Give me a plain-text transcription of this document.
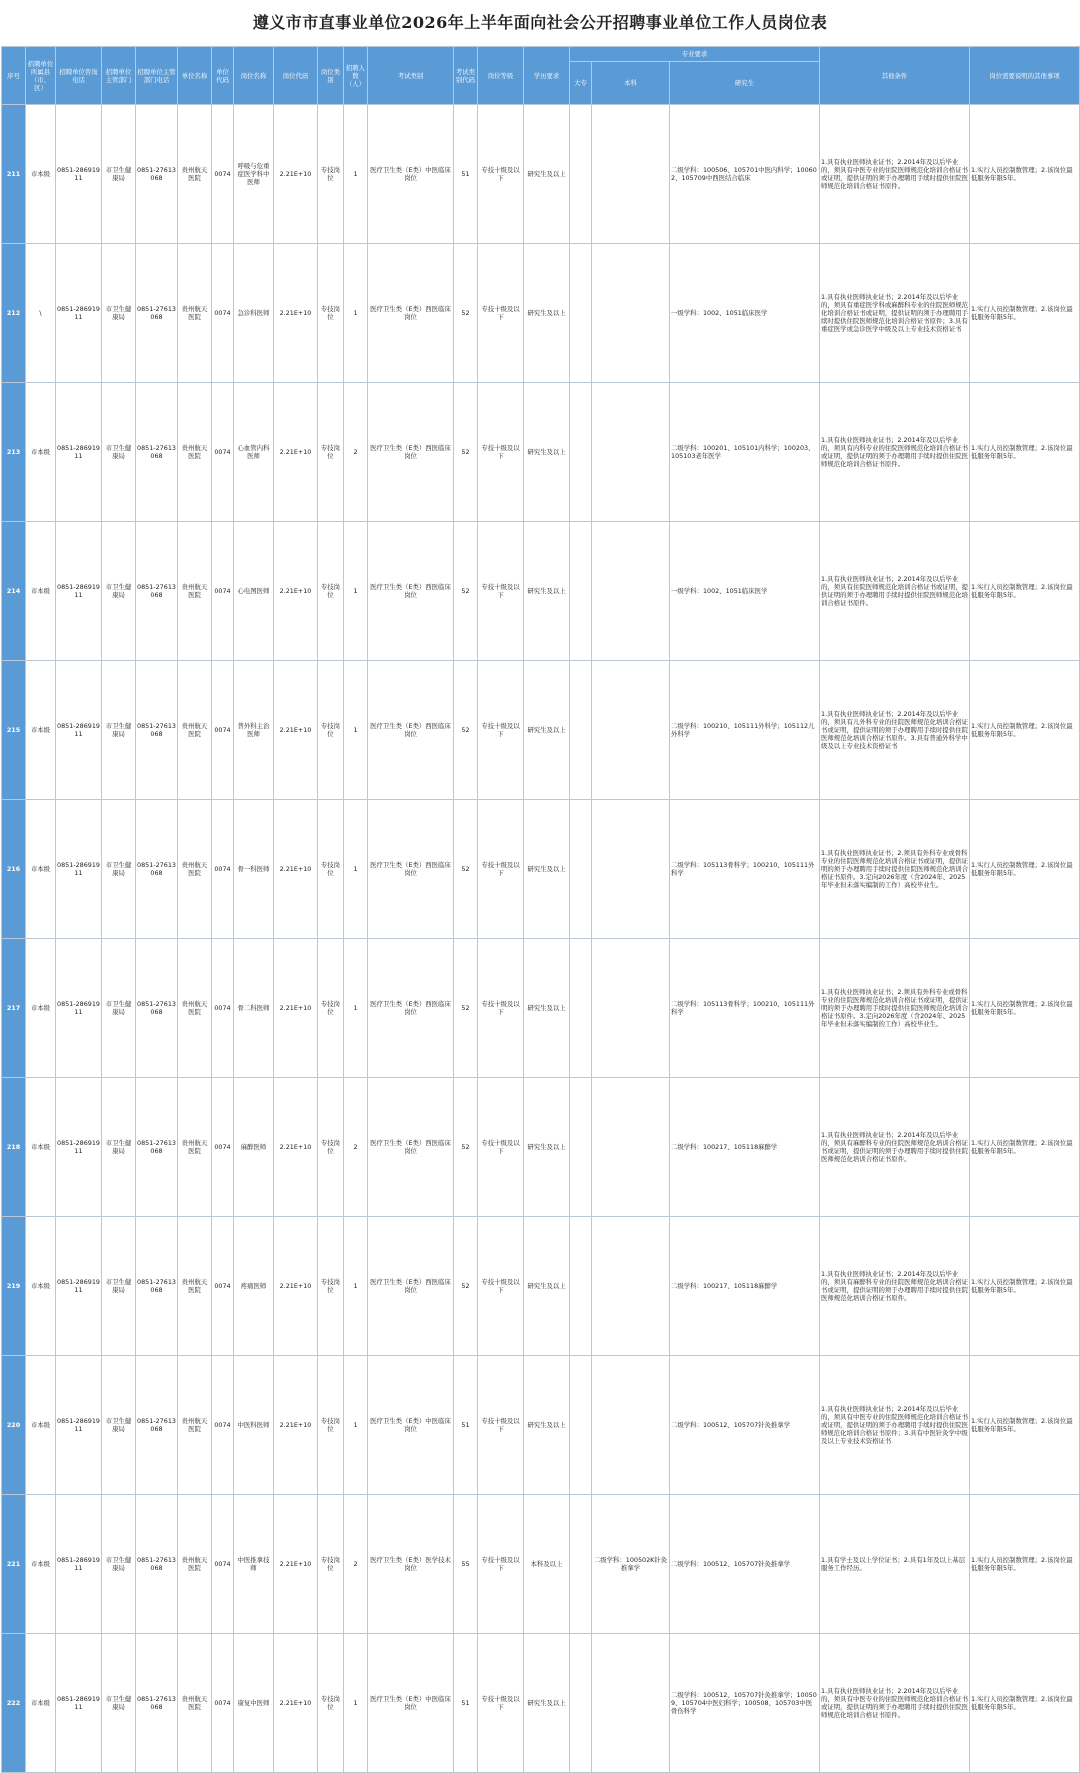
遵义市市直事业单位2026年上半年面向社会公开招聘事业单位工作人员岗位表
序号	招聘单位所属县（市、区）	招聘单位咨询电话	招聘单位主管部门	招聘单位主管部门电话	单位名称	单位代码	岗位名称	岗位代码	岗位类别	招聘人数（人）	考试类别	考试类别代码	岗位等级	学历要求	专业要求			其他条件	岗位需要说明的其他事项
															大专	本科	研究生		
211	市本级	0851-28691911	市卫生健康局	0851-27613068	贵州航天医院	0074	呼吸与危重症医学科中医师	2.21E+10	专技岗位	1	医疗卫生类（E类）中医临床岗位	51	专技十级及以下	研究生及以上			二级学科：100506、105701中医内科学；100602、105709中西医结合临床	1.具有执业医师执业证书；2.2014年及以后毕业的，须具有中医专业的住院医师规范化培训合格证书或证明，提供证明的须于办理聘用手续时提供住院医师规范化培训合格证书原件。	1.实行人员控制数管理；2.该岗位最低服务年限5年。
212	\	0851-28691911	市卫生健康局	0851-27613068	贵州航天医院	0074	急诊科医师	2.21E+10	专技岗位	1	医疗卫生类（E类）西医临床岗位	52	专技十级及以下	研究生及以上			一级学科：1002、1051临床医学	1.具有执业医师执业证书；2.2014年及以后毕业的，须具有重症医学科或麻醉科专业的住院医师规范化培训合格证书或证明，提供证明的须于办理聘用手续时提供住院医师规范化培训合格证书原件；3.具有重症医学或急诊医学中级及以上专业技术资格证书	1.实行人员控制数管理；2.该岗位最低服务年限5年。
213	市本级	0851-28691911	市卫生健康局	0851-27613068	贵州航天医院	0074	心血管内科医师	2.21E+10	专技岗位	2	医疗卫生类（E类）西医临床岗位	52	专技十级及以下	研究生及以上			二级学科：100201、105101内科学；100203、105103老年医学	1.具有执业医师执业证书；2.2014年及以后毕业的，须具有内科专业的住院医师规范化培训合格证书或证明，提供证明的须于办理聘用手续时提供住院医师规范化培训合格证书原件。	1.实行人员控制数管理；2.该岗位最低服务年限5年。
214	市本级	0851-28691911	市卫生健康局	0851-27613068	贵州航天医院	0074	心电图医师	2.21E+10	专技岗位	1	医疗卫生类（E类）西医临床岗位	52	专技十级及以下	研究生及以上			一级学科：1002、1051临床医学	1.具有执业医师执业证书；2.2014年及以后毕业的，须具有住院医师规范化培训合格证书或证明，提供证明的须于办理聘用手续时提供住院医师规范化培训合格证书原件。	1.实行人员控制数管理；2.该岗位最低服务年限5年。
215	市本级	0851-28691911	市卫生健康局	0851-27613068	贵州航天医院	0074	普外科主治医师	2.21E+10	专技岗位	1	医疗卫生类（E类）西医临床岗位	52	专技十级及以下	研究生及以上			二级学科：100210、105111外科学；105112儿外科学	1.具有执业医师执业证书；2.2014年及以后毕业的，须具有儿外科专业的住院医师规范化培训合格证书或证明，提供证明的须于办理聘用手续时提供住院医师规范化培训合格证书原件。3.具有普通外科学中级及以上专业技术资格证书	1.实行人员控制数管理；2.该岗位最低服务年限5年。
216	市本级	0851-28691911	市卫生健康局	0851-27613068	贵州航天医院	0074	骨一科医师	2.21E+10	专技岗位	1	医疗卫生类（E类）西医临床岗位	52	专技十级及以下	研究生及以上			二级学科：105113骨科学；100210、105111外科学	1.具有执业医师执业证书；2.须具有外科专业或骨科专业的住院医师规范化培训合格证书或证明，提供证明的须于办理聘用手续时提供住院医师规范化培训合格证书原件。3.定向2026年度（含2024年、2025年毕业但未落实编制的工作）高校毕业生。	1.实行人员控制数管理；2.该岗位最低服务年限5年。
217	市本级	0851-28691911	市卫生健康局	0851-27613068	贵州航天医院	0074	骨二科医师	2.21E+10	专技岗位	1	医疗卫生类（E类）西医临床岗位	52	专技十级及以下	研究生及以上			二级学科：105113骨科学；100210、105111外科学	1.具有执业医师执业证书；2.须具有外科专业或骨科专业的住院医师规范化培训合格证书或证明，提供证明的须于办理聘用手续时提供住院医师规范化培训合格证书原件。3.定向2026年度（含2024年、2025年毕业但未落实编制的工作）高校毕业生。	1.实行人员控制数管理；2.该岗位最低服务年限5年。
218	市本级	0851-28691911	市卫生健康局	0851-27613068	贵州航天医院	0074	麻醉医师	2.21E+10	专技岗位	2	医疗卫生类（E类）西医临床岗位	52	专技十级及以下	研究生及以上			二级学科：100217、105118麻醉学	1.具有执业医师执业证书；2.2014年及以后毕业的，须具有麻醉科专业的住院医师规范化培训合格证书或证明，提供证明的须于办理聘用手续时提供住院医师规范化培训合格证书原件。	1.实行人员控制数管理；2.该岗位最低服务年限5年。
219	市本级	0851-28691911	市卫生健康局	0851-27613068	贵州航天医院	0074	疼痛医师	2.21E+10	专技岗位	1	医疗卫生类（E类）西医临床岗位	52	专技十级及以下	研究生及以上			二级学科：100217、105118麻醉学	1.具有执业医师执业证书；2.2014年及以后毕业的，须具有麻醉科专业的住院医师规范化培训合格证书或证明，提供证明的须于办理聘用手续时提供住院医师规范化培训合格证书原件。	1.实行人员控制数管理；2.该岗位最低服务年限5年。
220	市本级	0851-28691911	市卫生健康局	0851-27613068	贵州航天医院	0074	中医科医师	2.21E+10	专技岗位	1	医疗卫生类（E类）中医临床岗位	51	专技十级及以下	研究生及以上			二级学科：100512、105707针灸推拿学	1.具有执业医师执业证书；2.2014年及以后毕业的，须具有中医专业的住院医师规范化培训合格证书或证明，提供证明的须于办理聘用手续时提供住院医师规范化培训合格证书原件；3.具有中医针灸学中级及以上专业技术资格证书	1.实行人员控制数管理；2.该岗位最低服务年限5年。
221	市本级	0851-28691911	市卫生健康局	0851-27613068	贵州航天医院	0074	中医推拿技师	2.21E+10	专技岗位	2	医疗卫生类（E类）医学技术岗位	55	专技十级及以下	本科及以上		二级学科：100502K针灸推拿学	二级学科：100512、105707针灸推拿学	1.具有学士及以上学位证书；2.具有1年及以上基层服务工作经历。	1.实行人员控制数管理；2.该岗位最低服务年限5年。
222	市本级	0851-28691911	市卫生健康局	0851-27613068	贵州航天医院	0074	康复中医师	2.21E+10	专技岗位	1	医疗卫生类（E类）中医临床岗位	51	专技十级及以下	研究生及以上			二级学科：100512、105707针灸推拿学；100509、105704中医妇科学；100508、105703中医骨伤科学	1.具有执业医师执业证书；2.2014年及以后毕业的，须具有中医专业的住院医师规范化培训合格证书或证明，提供证明的须于办理聘用手续时提供住院医师规范化培训合格证书原件。	1.实行人员控制数管理；2.该岗位最低服务年限5年。
